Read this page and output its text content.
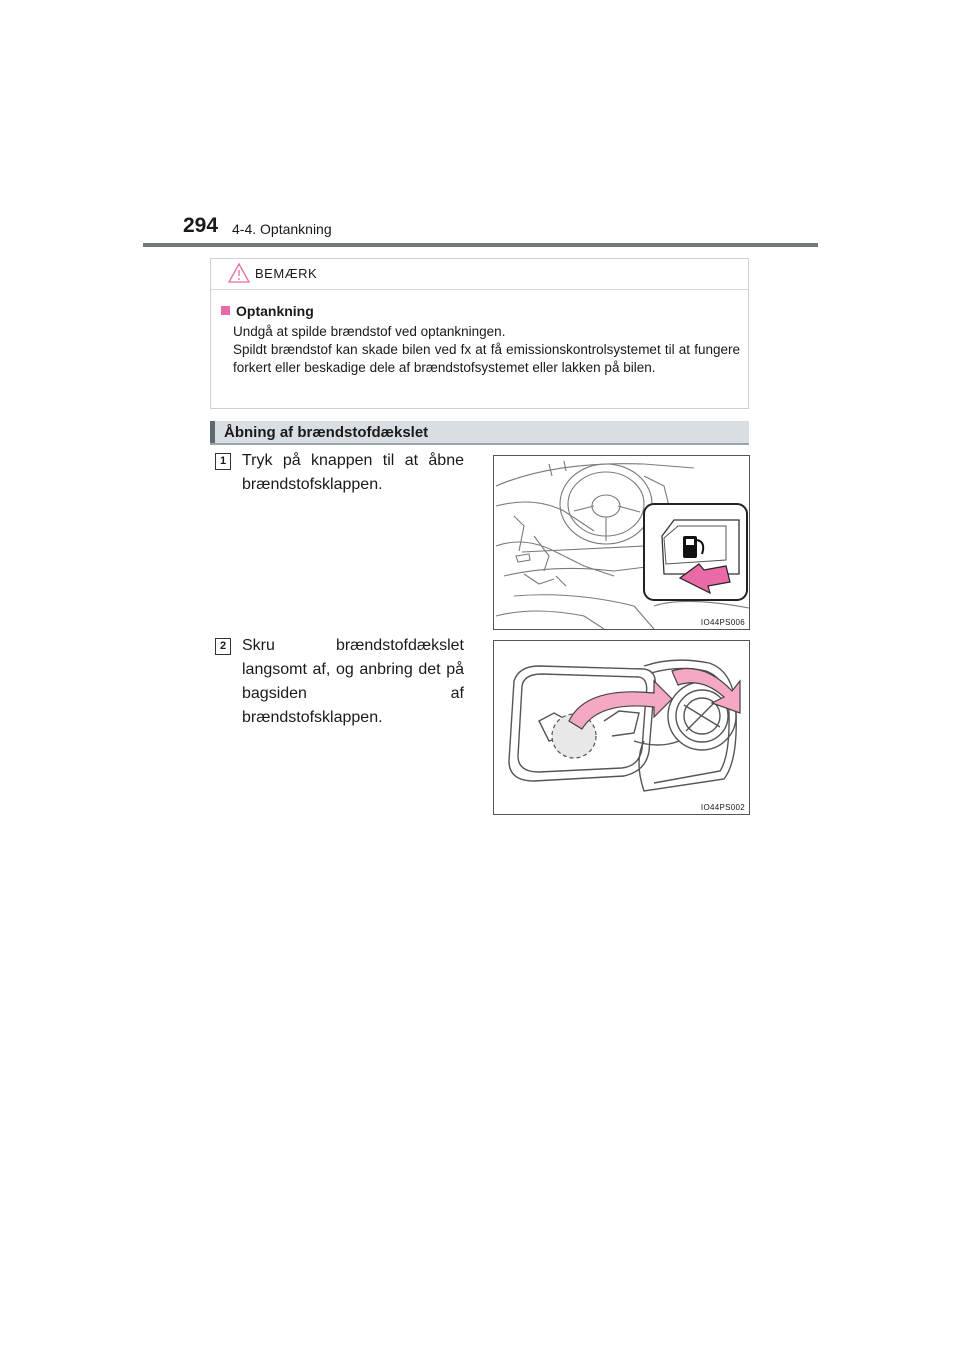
294 4-4. Optankning
BEMÆRK
Optankning

Undgå at spilde brændstof ved optankningen.

Spildt brændstof kan skade bilen ved fx at få emissionskontrolsystemet til at fungere forkert eller beskadige dele af brændstofsystemet eller lakken på bilen.

Åbning af brændstofdækslet
1 Tryk på knappen til at åbne brændstofsklappen.
IO44PS006
2 Skru brændstofdækslet langsomt af, og anbring det på bagsiden af brændstofsklappen.
IO44PS002
